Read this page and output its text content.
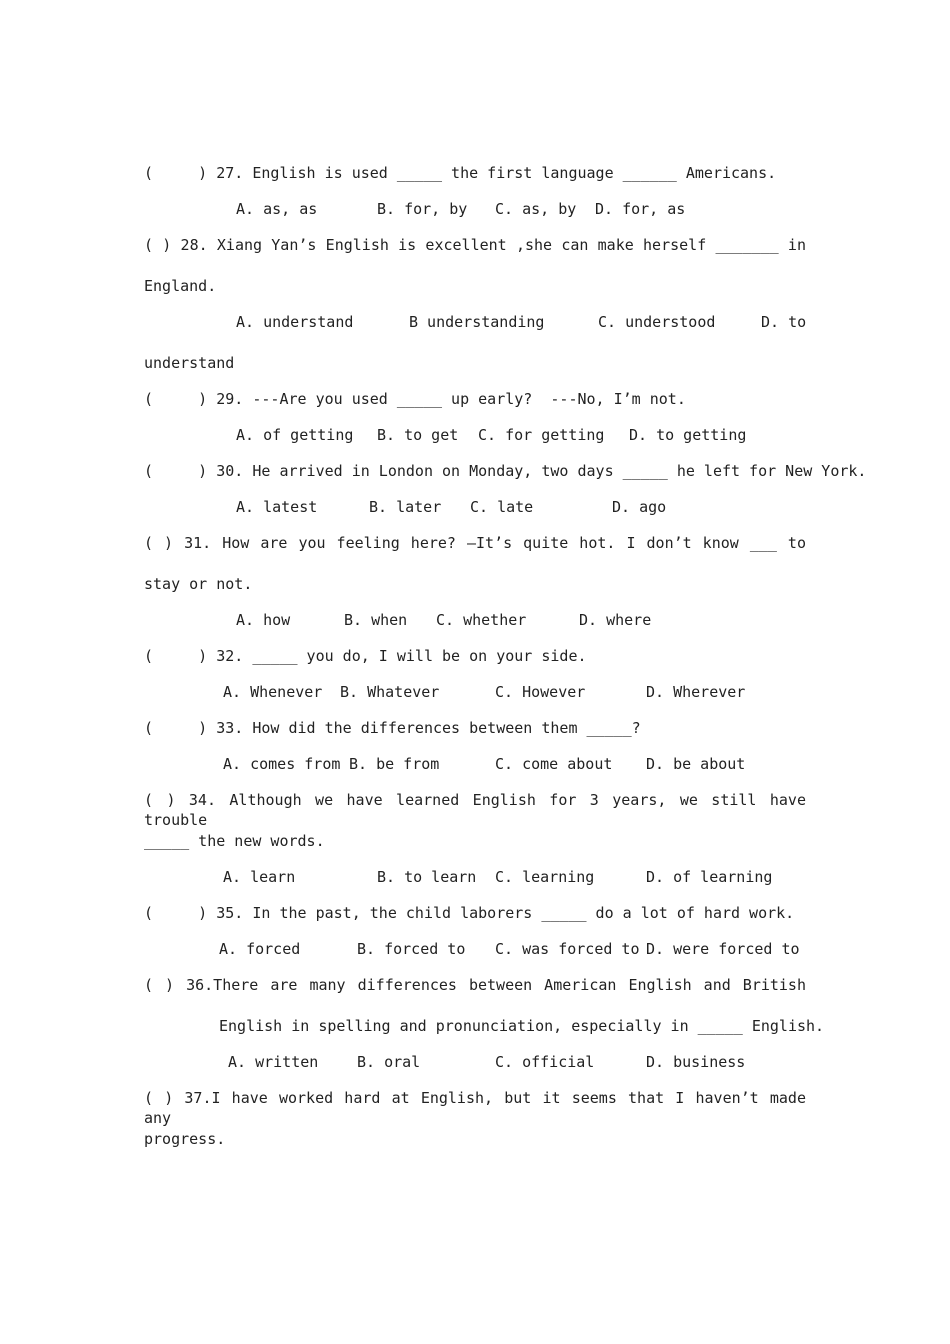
(     ) 27. English is used _____ the first language ______ Americans.
A. as, as	B. for, by C. as, by D. for, as
( ) 28. Xiang Yan’s English is excellent ,she can make herself _______ in
England.
A. understand	B understanding	C. understood	D. to
understand
(     ) 29. ---Are you used _____ up early?  ---No, I’m not.
A. of getting B. to get C. for getting D. to getting
(     ) 30. He arrived in London on Monday, two days _____ he left for New York.
A. latest	B. later C. late	D. ago
( ) 31. How are you feeling here? —It’s quite hot. I don’t know ___ to
stay or not.
A. how	B. when C. whether	D. where
(     ) 32. _____ you do, I will be on your side.
A. Whenever B. Whatever	C. However	D. Wherever
(     ) 33. How did the differences between them _____?
A. comes from B. be from	C. come about D. be about
( ) 34. Although we have learned English for 3 years, we still have trouble
_____ the new words.
A. learn	B. to learn C. learning	D. of learning
(     ) 35. In the past, the child laborers _____ do a lot of hard work.
A. forced	B. forced to C. was forced to D. were forced to
( ) 36.There are many differences between American English and British
English in spelling and pronunciation, especially in _____ English.
A. written	B. oral	C. official	D. business
( ) 37.I have worked hard at English, but it seems that I haven’t made any
progress.
